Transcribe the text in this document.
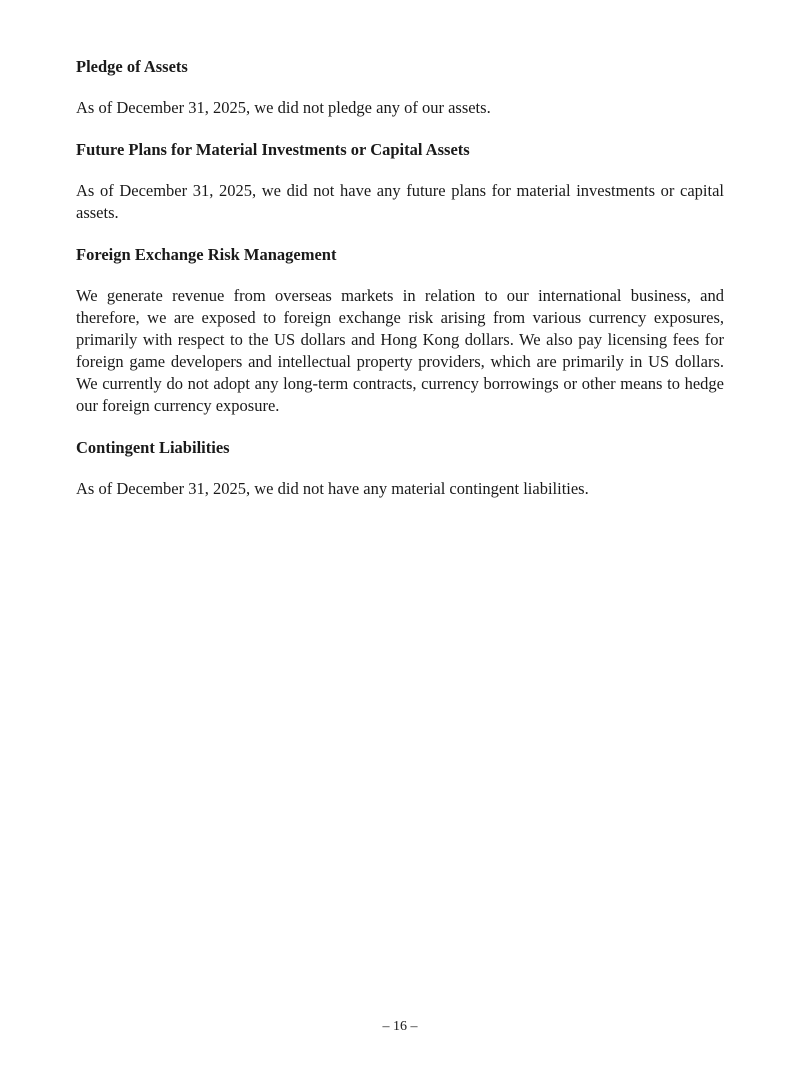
Pledge of Assets

As of December 31, 2025, we did not pledge any of our assets.

Future Plans for Material Investments or Capital Assets

As of December 31, 2025, we did not have any future plans for material investments or capital assets.

Foreign Exchange Risk Management

We generate revenue from overseas markets in relation to our international business, and therefore, we are exposed to foreign exchange risk arising from various currency exposures, primarily with respect to the US dollars and Hong Kong dollars. We also pay licensing fees for foreign game developers and intellectual property providers, which are primarily in US dollars. We currently do not adopt any long-term contracts, currency borrowings or other means to hedge our foreign currency exposure.

Contingent Liabilities

As of December 31, 2025, we did not have any material contingent liabilities.

– 16 –
